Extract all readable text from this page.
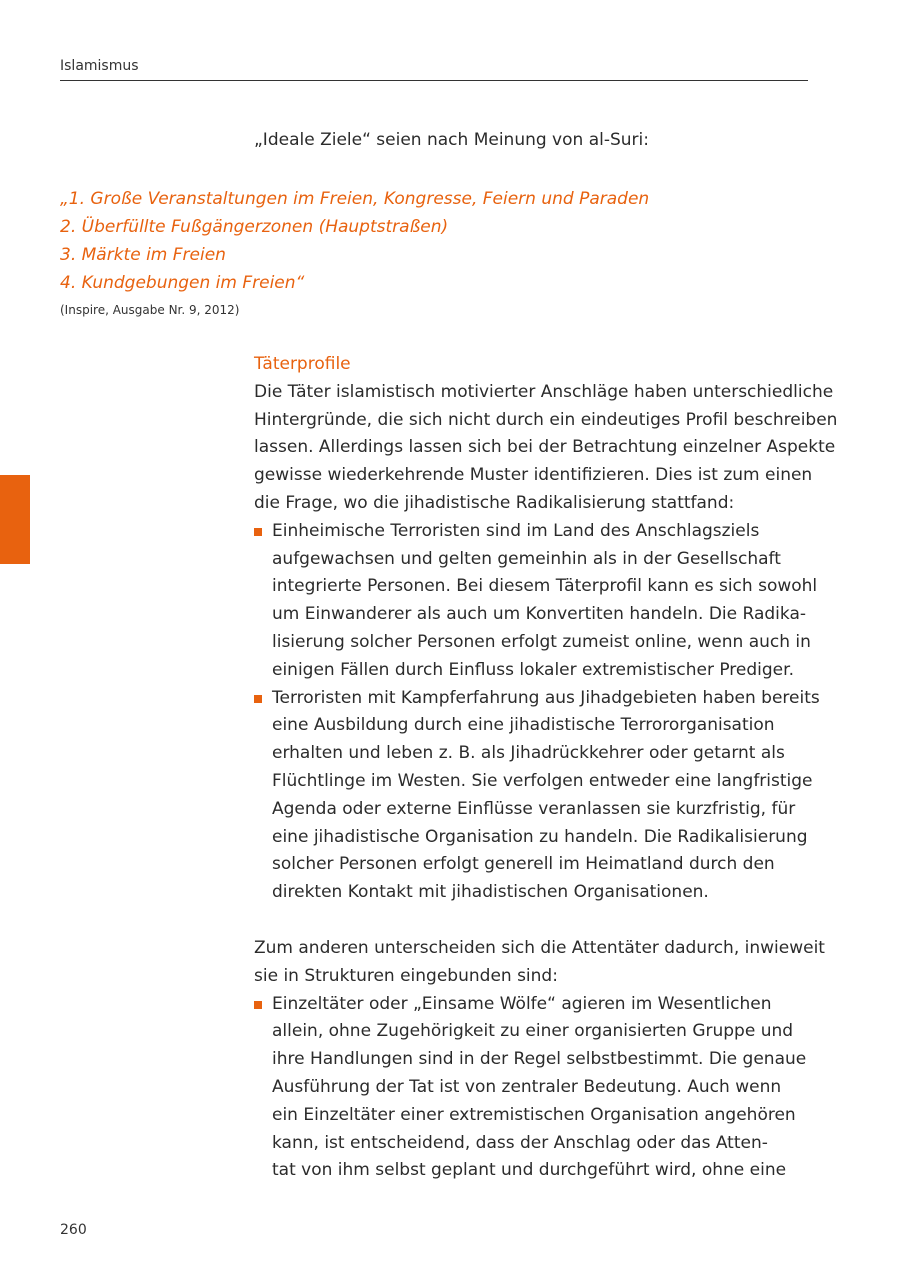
Islamismus
„Ideale Ziele“ seien nach Meinung von al-Suri:
„1. Große Veranstaltungen im Freien, Kongresse, Feiern und Paraden
2. Überfüllte Fußgängerzonen (Hauptstraßen)
3. Märkte im Freien
4. Kundgebungen im Freien“
(Inspire, Ausgabe Nr. 9, 2012)
Täterprofile
Die Täter islamistisch motivierter Anschläge haben unterschiedliche
Hintergründe, die sich nicht durch ein eindeutiges Profil beschreiben
lassen. Allerdings lassen sich bei der Betrachtung einzelner Aspekte
gewisse wiederkehrende Muster identifizieren. Dies ist zum einen
die Frage, wo die jihadistische Radikalisierung stattfand:
Einheimische Terroristen sind im Land des Anschlagsziels
aufgewachsen und gelten gemeinhin als in der Gesellschaft
integrierte Personen. Bei diesem Täterprofil kann es sich sowohl
um Einwanderer als auch um Konvertiten handeln. Die Radika-
lisierung solcher Personen erfolgt zumeist online, wenn auch in
einigen Fällen durch Einfluss lokaler extremistischer Prediger.
Terroristen mit Kampferfahrung aus Jihadgebieten haben bereits
eine Ausbildung durch eine jihadistische Terrororganisation
erhalten und leben z. B. als Jihadrückkehrer oder getarnt als
Flüchtlinge im Westen. Sie verfolgen entweder eine langfristige
Agenda oder externe Einflüsse veranlassen sie kurzfristig, für
eine jihadistische Organisation zu handeln. Die Radikalisierung
solcher Personen erfolgt generell im Heimatland durch den
direkten Kontakt mit jihadistischen Organisationen.
Zum anderen unterscheiden sich die Attentäter dadurch, inwieweit
sie in Strukturen eingebunden sind:
Einzeltäter oder „Einsame Wölfe“ agieren im Wesentlichen
allein, ohne Zugehörigkeit zu einer organisierten Gruppe und
ihre Handlungen sind in der Regel selbstbestimmt. Die genaue
Ausführung der Tat ist von zentraler Bedeutung. Auch wenn
ein Einzeltäter einer extremistischen Organisation angehören
kann, ist entscheidend, dass der Anschlag oder das Atten-
tat von ihm selbst geplant und durchgeführt wird, ohne eine
260
